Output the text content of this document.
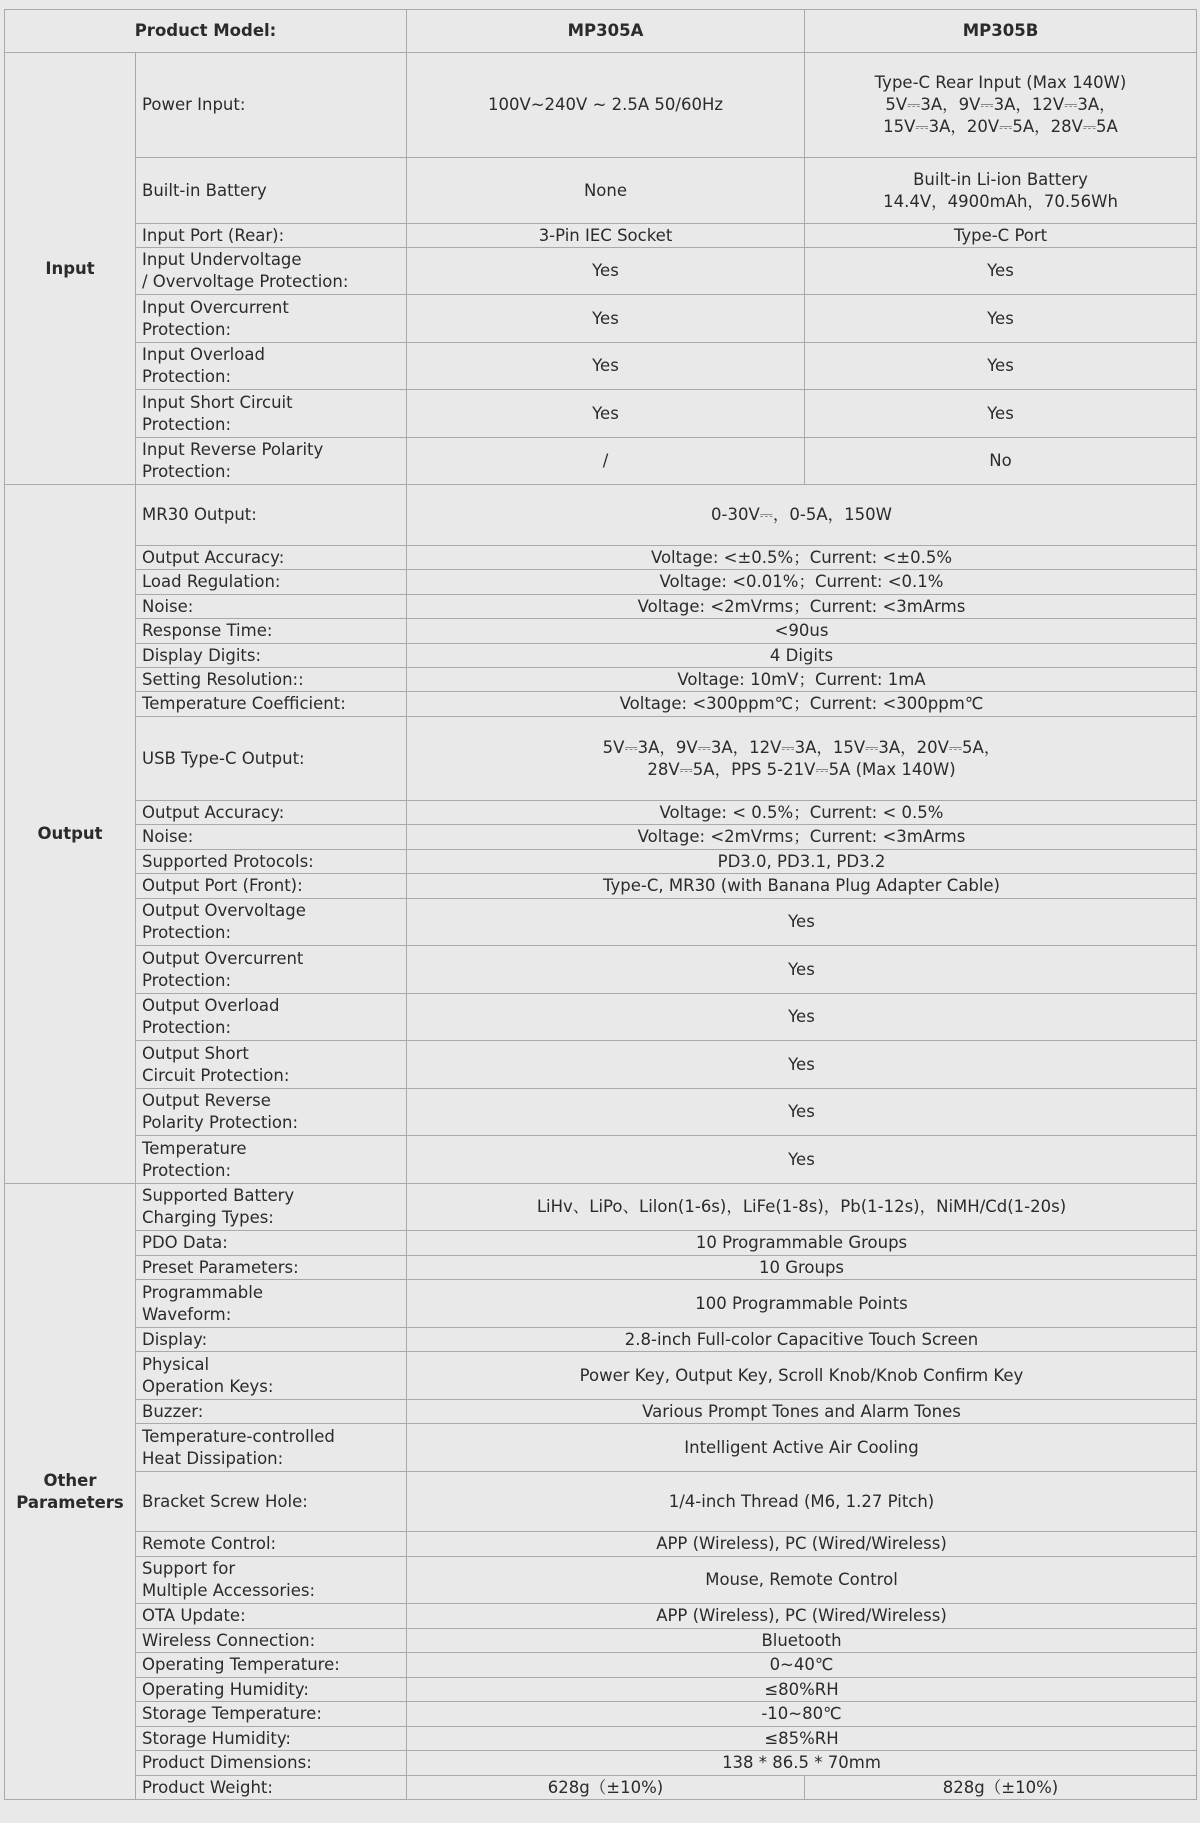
Product Model:		MP305A	MP305B
Input	Power Input:	100V~240V ~ 2.5A 50/60Hz	Type-C Rear Input (Max 140W)
5V⎓3A，9V⎓3A，12V⎓3A，
15V⎓3A，20V⎓5A，28V⎓5A
	Built-in Battery	None	Built-in Li-ion Battery
14.4V，4900mAh，70.56Wh
	Input Port (Rear):	3-Pin IEC Socket	Type-C Port
	Input Undervoltage
/ Overvoltage Protection:	Yes	Yes
	Input Overcurrent
Protection:	Yes	Yes
	Input Overload
Protection:	Yes	Yes
	Input Short Circuit
Protection:	Yes	Yes
	Input Reverse Polarity
Protection:	/	No
Output	MR30 Output:	0-30V⎓，0-5A，150W	
	Output Accuracy:	Voltage: <±0.5%；Current: <±0.5%	
	Load Regulation:	Voltage: <0.01%；Current: <0.1%	
	Noise:	Voltage: <2mVrms；Current: <3mArms	
	Response Time:	<90us	
	Display Digits:	4 Digits	
	Setting Resolution::	Voltage: 10mV；Current: 1mA	
	Temperature Coefficient:	Voltage: <300ppm℃；Current: <300ppm℃	
	USB Type-C Output:	5V⎓3A，9V⎓3A，12V⎓3A，15V⎓3A，20V⎓5A，
28V⎓5A，PPS 5-21V⎓5A (Max 140W)	
	Output Accuracy:	Voltage: < 0.5%；Current: < 0.5%	
	Noise:	Voltage: <2mVrms；Current: <3mArms	
	Supported Protocols:	PD3.0, PD3.1, PD3.2	
	Output Port (Front):	Type-C, MR30 (with Banana Plug Adapter Cable)	
	Output Overvoltage
Protection:	Yes	
	Output Overcurrent
Protection:	Yes	
	Output Overload
Protection:	Yes	
	Output Short
Circuit Protection:	Yes	
	Output Reverse
Polarity Protection:	Yes	
	Temperature
Protection:	Yes	
Other
Parameters	Supported Battery
Charging Types:	LiHv、LiPo、Lilon(1-6s)，LiFe(1-8s)，Pb(1-12s)，NiMH/Cd(1-20s)	
	PDO Data:	10 Programmable Groups	
	Preset Parameters:	10 Groups	
	Programmable
Waveform:	100 Programmable Points	
	Display:	2.8-inch Full-color Capacitive Touch Screen	
	Physical
Operation Keys:	Power Key, Output Key, Scroll Knob/Knob Confirm Key	
	Buzzer:	Various Prompt Tones and Alarm Tones	
	Temperature-controlled
Heat Dissipation:	Intelligent Active Air Cooling	
	Bracket Screw Hole:	1/4-inch Thread (M6, 1.27 Pitch)	
	Remote Control:	APP (Wireless), PC (Wired/Wireless)	
	Support for
Multiple Accessories:	Mouse, Remote Control	
	OTA Update:	APP (Wireless), PC (Wired/Wireless)	
	Wireless Connection:	Bluetooth	
	Operating Temperature:	0~40℃	
	Operating Humidity:	≤80%RH	
	Storage Temperature:	-10~80℃	
	Storage Humidity:	≤85%RH	
	Product Dimensions:	138 * 86.5 * 70mm	
	Product Weight:	628g（±10%)	828g（±10%)
